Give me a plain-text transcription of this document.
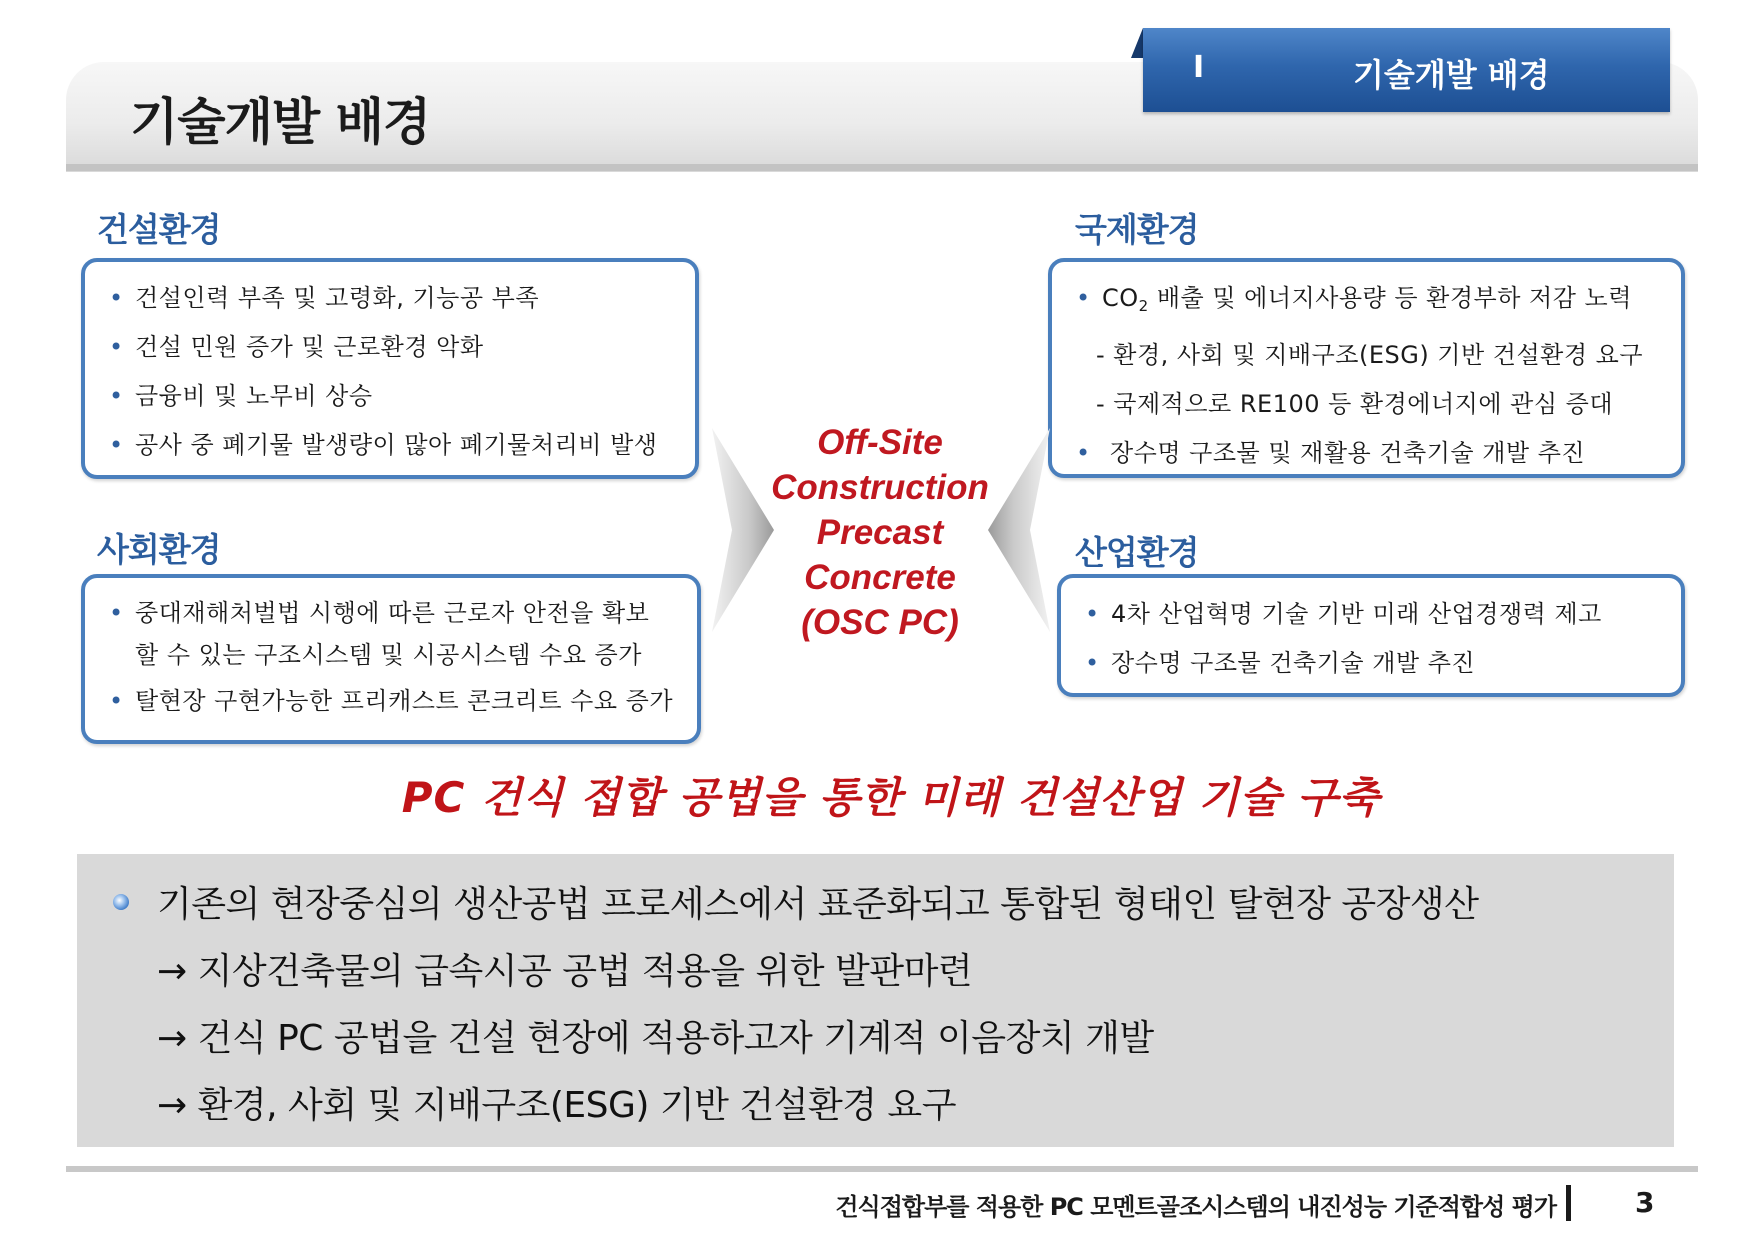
기술개발 배경
I	기술개발 배경
건설환경
• 건설인력 부족 및 고령화, 기능공 부족
• 건설 민원 증가 및 근로환경 악화
• 금융비 및 노무비 상승
• 공사 중 폐기물 발생량이 많아 폐기물처리비 발생
사회환경
• 중대재해처벌법 시행에 따른 근로자 안전을 확보
할 수 있는 구조시스템 및 시공시스템 수요 증가
• 탈현장 구현가능한 프리캐스트 콘크리트 수요 증가
국제환경
• $CO_2$ 배출 및 에너지사용량 등 환경부하 저감 노력
- 환경, 사회 및 지배구조(ESG) 기반 건설환경 요구
- 국제적으로 RE100 등 환경에너지에 관심 증대
• 장수명 구조물 및 재활용 건축기술 개발 추진
산업환경
• 4차 산업혁명 기술 기반 미래 산업경쟁력 제고
• 장수명 구조물 건축기술 개발 추진
Off-Site
Construction
Precast
Concrete
(OSC PC)
PC 건식 접합 공법을 통한 미래 건설산업 기술 구축
기존의 현장중심의 생산공법 프로세스에서 표준화되고 통합된 형태인 탈현장 공장생산
→ 지상건축물의 급속시공 공법 적용을 위한 발판마련
→ 건식 PC 공법을 건설 현장에 적용하고자 기계적 이음장치 개발
→ 환경, 사회 및 지배구조(ESG) 기반 건설환경 요구
건식접합부를 적용한 PC 모멘트골조시스템의 내진성능 기준적합성 평가	3
